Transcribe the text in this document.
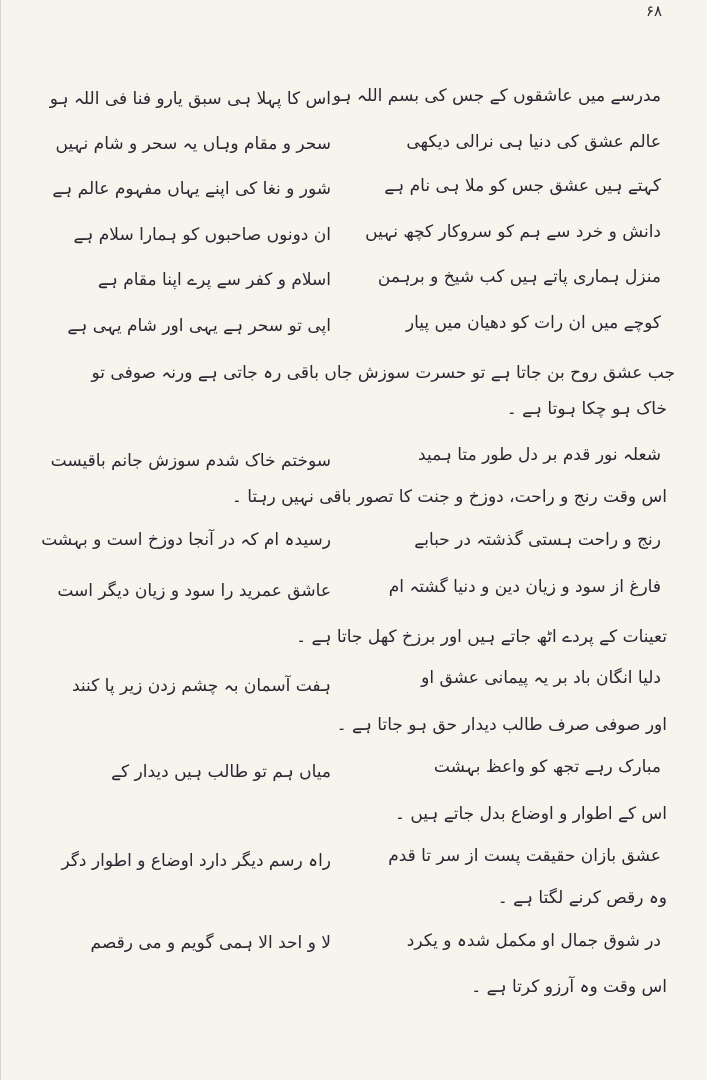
۶۸
مدرسے میں عاشقوں کے جس کی بسم اللہ ہو
اس کا پہلا ہی سبق یارو فنا فی اللہ ہو
عالم عشق کی دنیا ہی نرالی دیکھی
سحر و مقام وہاں یہ سحر و شام نہیں
کہتے ہیں عشق جس کو ملا ہی نام ہے
شور و نغا کی اپنے یہاں مفہوم عالم ہے
دانش و خرد سے ہم کو سروکار کچھ نہیں
ان دونوں صاحبوں کو ہمارا سلام ہے
منزل ہماری پاتے ہیں کب شیخ و برہمن
اسلام و کفر سے پرے اپنا مقام ہے
کوچے میں ان رات کو دھیان میں پیار
اپی تو سحر ہے یہی اور شام یہی ہے
جب عشق روح بن جاتا ہے تو حسرت سوزش جاں باقی رہ جاتی ہے ورنہ صوفی تو
خاک ہو چکا ہوتا ہے ۔
شعلہ نور قدم بر دل طور متا ہمید
سوختم خاک شدم سوزش جانم باقیست
اس وقت رنج و راحت، دوزخ و جنت کا تصور باقی نہیں رہتا ۔
رنج و راحت ہستی گذشتہ در حبابے
رسیدہ ام کہ در آنجا دوزخ است و بہشت
فارغ از سود و زیان دین و دنیا گشتہ ام
عاشق عمرید را سود و زیان دیگر است
تعینات کے پردے اٹھ جاتے ہیں اور برزخ کھل جاتا ہے ۔
دلیا انگان باد بر یہ پیمانی عشق او
ہفت آسمان بہ چشم زدن زیر پا کنند
اور صوفی صرف طالب دیدار حق ہو جاتا ہے ۔
مبارک رہے تجھ کو واعظ بہشت
میاں ہم تو طالب ہیں دیدار کے
اس کے اطوار و اوضاع بدل جاتے ہیں ۔
عشق بازان حقیقت پست از سر تا قدم
راہ رسم دیگر دارد اوضاع و اطوار دگر
وہ رقص کرنے لگتا ہے ۔
در شوق جمال او مکمل شدہ و یکرد
لا و احد الا ہمی گویم و می رقصم
اس وقت وہ آرزو کرتا ہے ۔
